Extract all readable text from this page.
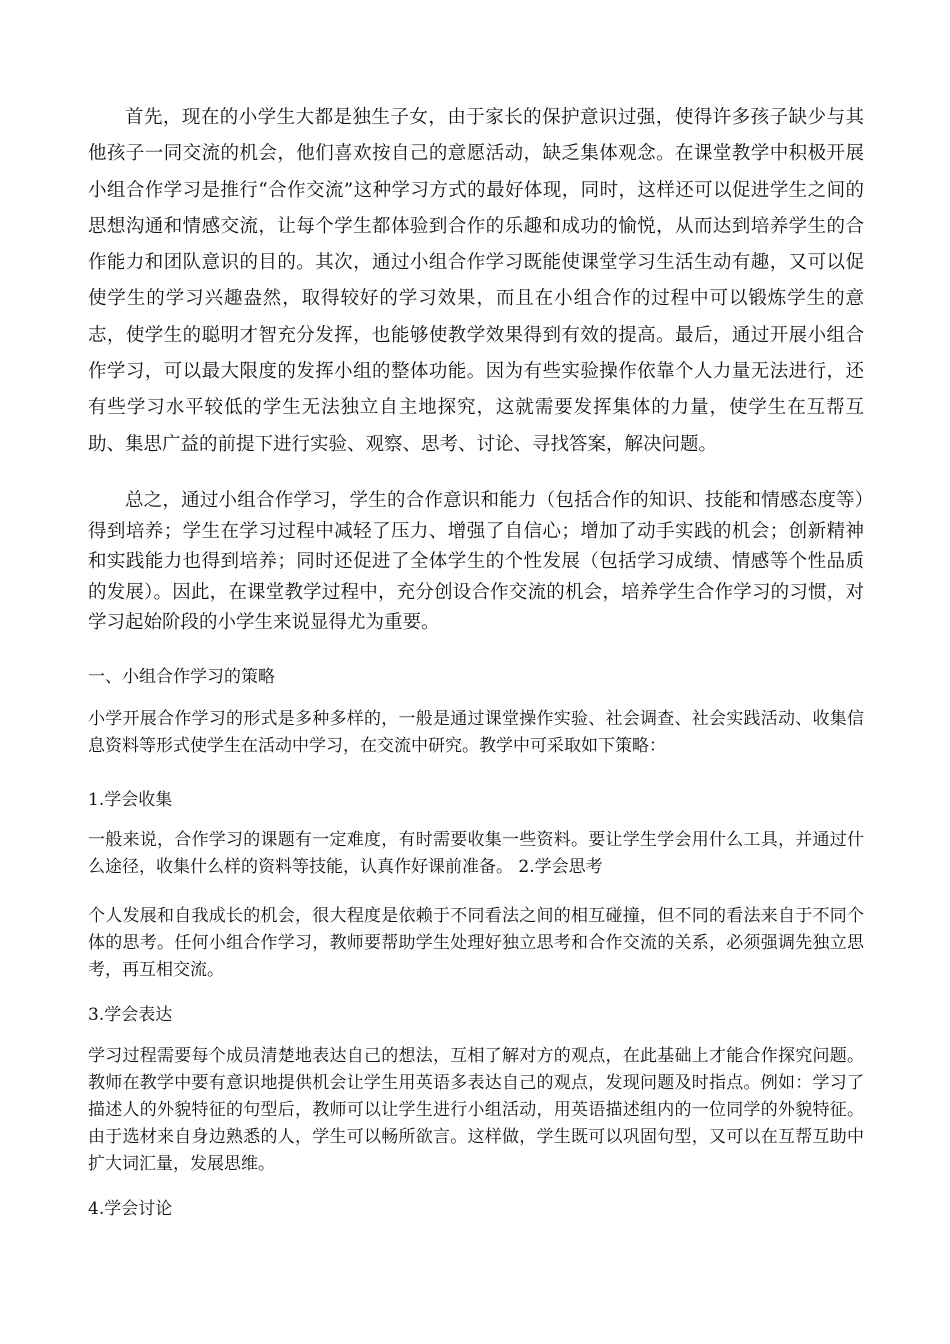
首先，现在的小学生大都是独生子女，由于家长的保护意识过强，使得许多孩子缺少与其他孩子一同交流的机会，他们喜欢按自己的意愿活动，缺乏集体观念。在课堂教学中积极开展小组合作学习是推行“合作交流”这种学习方式的最好体现，同时，这样还可以促进学生之间的思想沟通和情感交流，让每个学生都体验到合作的乐趣和成功的愉悦，从而达到培养学生的合作能力和团队意识的目的。其次，通过小组合作学习既能使课堂学习生活生动有趣，又可以促使学生的学习兴趣盎然，取得较好的学习效果，而且在小组合作的过程中可以锻炼学生的意志，使学生的聪明才智充分发挥，也能够使教学效果得到有效的提高。最后，通过开展小组合作学习，可以最大限度的发挥小组的整体功能。因为有些实验操作依靠个人力量无法进行，还有些学习水平较低的学生无法独立自主地探究，这就需要发挥集体的力量，使学生在互帮互助、集思广益的前提下进行实验、观察、思考、讨论、寻找答案，解决问题。

总之，通过小组合作学习，学生的合作意识和能力（包括合作的知识、技能和情感态度等）得到培养；学生在学习过程中减轻了压力、增强了自信心；增加了动手实践的机会；创新精神和实践能力也得到培养；同时还促进了全体学生的个性发展（包括学习成绩、情感等个性品质的发展）。因此，在课堂教学过程中，充分创设合作交流的机会，培养学生合作学习的习惯，对学习起始阶段的小学生来说显得尤为重要。

一、小组合作学习的策略

小学开展合作学习的形式是多种多样的，一般是通过课堂操作实验、社会调查、社会实践活动、收集信息资料等形式使学生在活动中学习，在交流中研究。教学中可采取如下策略：

1.学会收集

一般来说，合作学习的课题有一定难度，有时需要收集一些资料。要让学生学会用什么工具，并通过什么途径，收集什么样的资料等技能，认真作好课前准备。 2.学会思考

个人发展和自我成长的机会，很大程度是依赖于不同看法之间的相互碰撞，但不同的看法来自于不同个体的思考。任何小组合作学习，教师要帮助学生处理好独立思考和合作交流的关系，必须强调先独立思考，再互相交流。

3.学会表达

学习过程需要每个成员清楚地表达自己的想法，互相了解对方的观点，在此基础上才能合作探究问题。教师在教学中要有意识地提供机会让学生用英语多表达自己的观点，发现问题及时指点。例如：学习了描述人的外貌特征的句型后，教师可以让学生进行小组活动，用英语描述组内的一位同学的外貌特征。由于选材来自身边熟悉的人，学生可以畅所欲言。这样做，学生既可以巩固句型，又可以在互帮互助中扩大词汇量，发展思维。

4.学会讨论
